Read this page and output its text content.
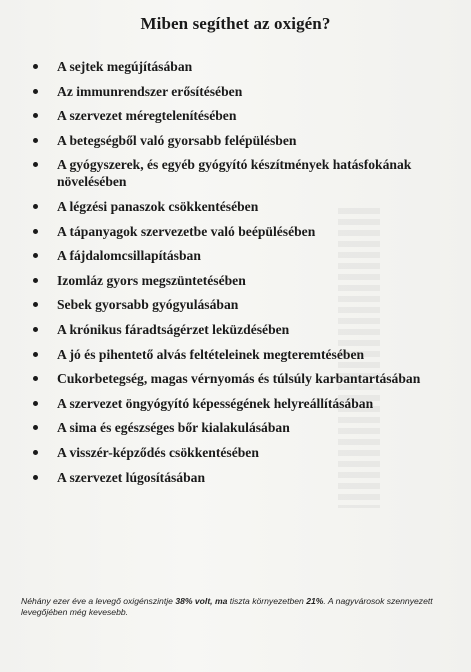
Miben segíthet az oxigén?
A sejtek megújításában
Az immunrendszer erősítésében
A szervezet méregtelenítésében
A betegségből való gyorsabb felépülésben
A gyógyszerek, és egyéb gyógyító készítmények hatásfokának növelésében
A légzési panaszok csökkentésében
A tápanyagok szervezetbe való beépülésében
A fájdalomcsillapításban
Izomláz gyors megszüntetésében
Sebek gyorsabb gyógyulásában
A krónikus fáradtságérzet leküzdésében
A jó és pihentető alvás feltételeinek megteremtésében
Cukorbetegség, magas vérnyomás és túlsúly karbantartásában
A szervezet öngyógyító képességének helyreállításában
A sima és egészséges bőr kialakulásában
A visszér-képződés csökkentésében
A szervezet lúgosításában
Néhány ezer éve a levegő oxigénszintje 38% volt, ma tiszta környezetben 21%. A nagyvárosok szennyezett levegőjében még kevesebb.
